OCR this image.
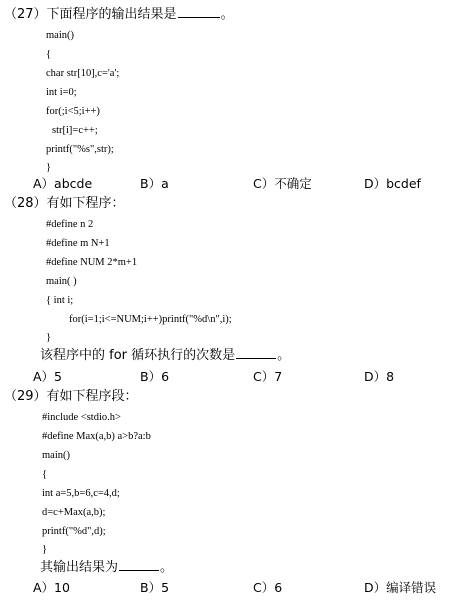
（27）下面程序的输出结果是	。
main()
{
char str[10],c='a';
int i=0;
for(;i<5;i++)
str[i]=c++;
printf("%s",str);
}
A）abcde	B）a	C）不确定	D）bcdef
（28）有如下程序：
#define n 2
#define m N+1
#define NUM 2*m+1
main( )
{ int i;
for(i=1;i<=NUM;i++)printf("%d\n",i);
}
该程序中的 for 循环执行的次数是	。
A）5	B）6	C）7	D）8
（29）有如下程序段：
#include <stdio.h>
#define Max(a,b) a>b?a:b
main()
{
int a=5,b=6,c=4,d;
d=c+Max(a,b);
printf("%d",d);
}
其输出结果为	。
A）10	B）5	C）6	D）编译错误
